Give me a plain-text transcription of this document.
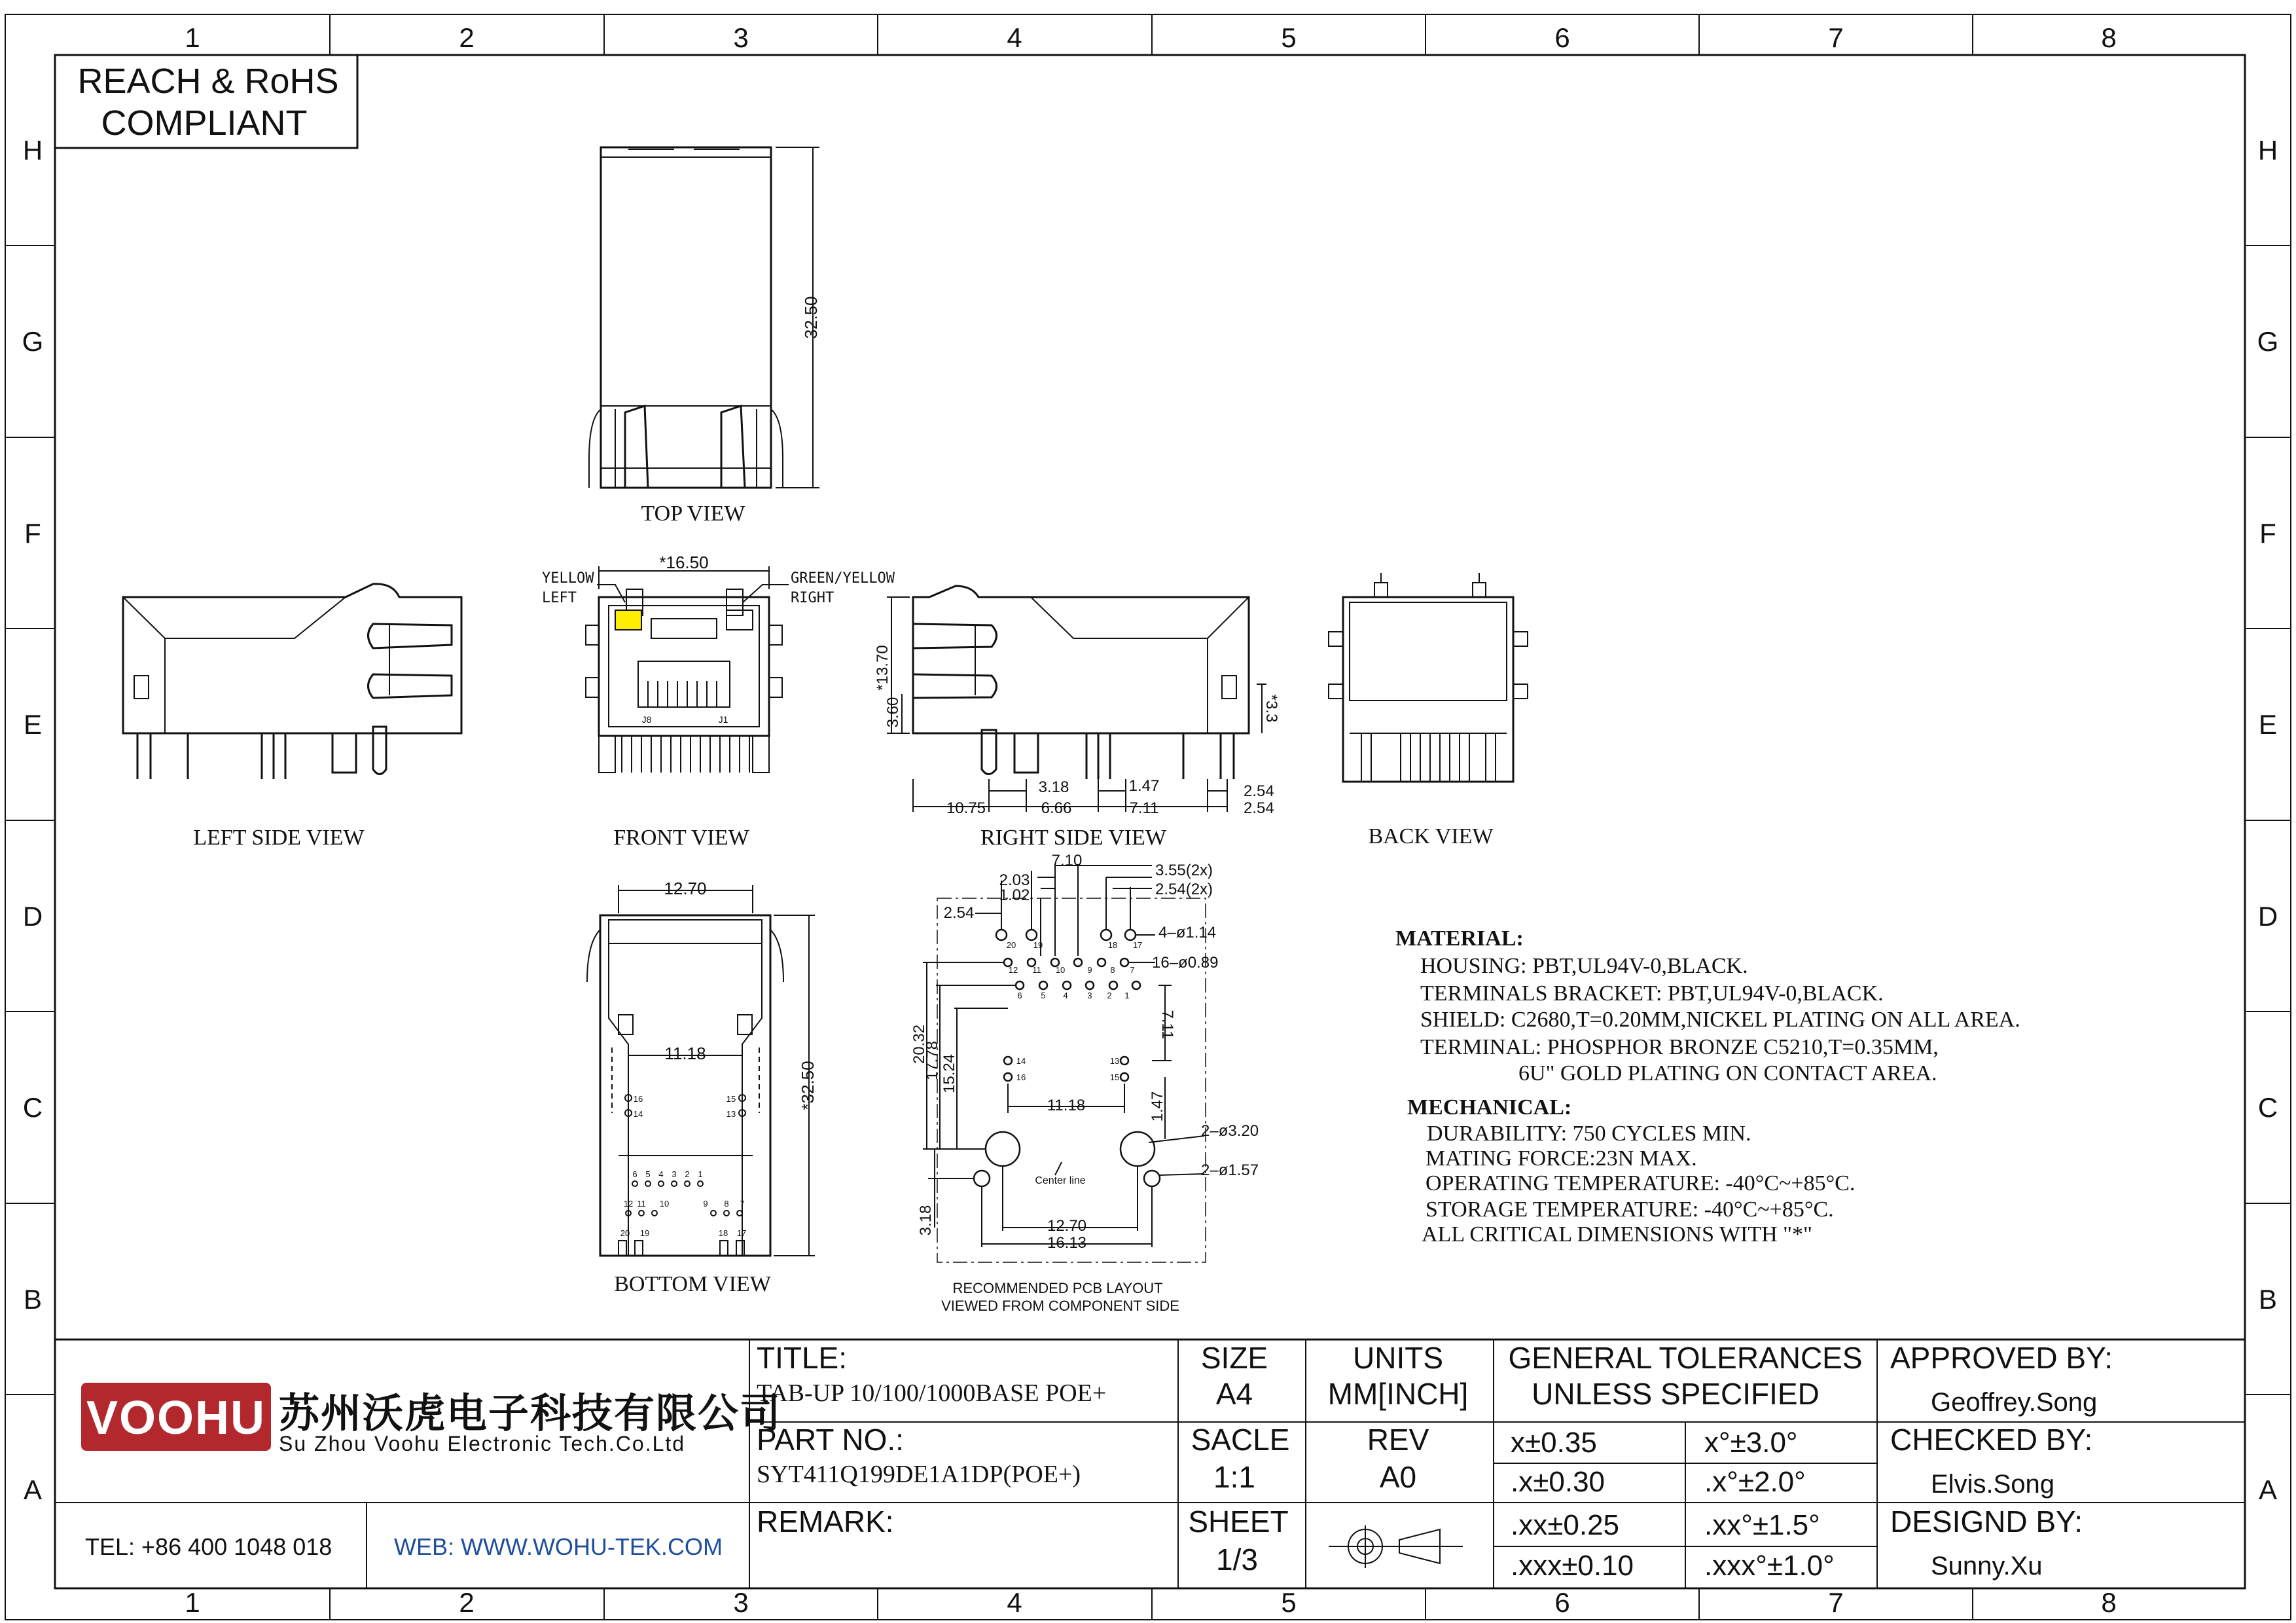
1	2	3	4	5	6	7	8
1	2	3	4	5	6	7	8
H
G
F
E
D
C
B
A
H
G
F
E
D
C
B
A
REACH & RoHS
COMPLIANT
32.50
TOP VIEW
LEFT SIDE VIEW
J8	J1
*16.50
YELLOW
LEFT
GREEN/YELLOW
RIGHT
FRONT VIEW
*13.70
3.60	*3.3
3.18	1.47	2.54
2.54
10.75	6.66	7.11
RIGHT SIDE VIEW	BACK VIEW
16
14
15
13
6 5 4 3 2 1
12 11 10	9 8 7
20 19	18 17
12.70
11.18
*32.50
BOTTOM VIEW
20 19	18 17
12 11 10	9 8 7
6 5 4 3 2 1
14
16
13
15
Center line
7.10
3.55(2x)
2.54(2x)
2.03
1.02
2.54
4–ø1.14
16–ø0.89
20.32
17.78 15.24
7.11
11.18	1.47
2–ø3.20
2–ø1.57
3.18	12.70
16.13
RECOMMENDED PCB LAYOUT
VIEWED FROM COMPONENT SIDE
MATERIAL:
HOUSING: PBT,UL94V-0,BLACK.
TERMINALS BRACKET: PBT,UL94V-0,BLACK.
SHIELD: C2680,T=0.20MM,NICKEL PLATING ON ALL AREA.
TERMINAL: PHOSPHOR BRONZE C5210,T=0.35MM,
6U" GOLD PLATING ON CONTACT AREA.
MECHANICAL:
DURABILITY: 750 CYCLES MIN.
MATING FORCE:23N MAX.
OPERATING TEMPERATURE: -40°C~+85°C.
STORAGE TEMPERATURE: -40°C~+85°C.
ALL CRITICAL DIMENSIONS WITH "*"
VOOHU 苏州沃虎电子科技有限公司
Su Zhou Voohu Electronic Tech.Co.Ltd
TEL: +86 400 1048 018	WEB: WWW.WOHU-TEK.COM
TITLE:
TAB-UP 10/100/1000BASE POE+
PART NO.:
SYT411Q199DE1A1DP(POE+)
REMARK:
SIZE
A4
UNITS
MM[INCH]
SACLE
1:1
REV
A0
SHEET
1/3
GENERAL TOLERANCES
UNLESS SPECIFIED
x±0.35	x°±3.0°
.x±0.30	.x°±2.0°
.xx±0.25	.xx°±1.5°
.xxx±0.10 .xxx°±1.0°
APPROVED BY:
Geoffrey.Song
CHECKED BY:
Elvis.Song
DESIGND BY:
Sunny.Xu
